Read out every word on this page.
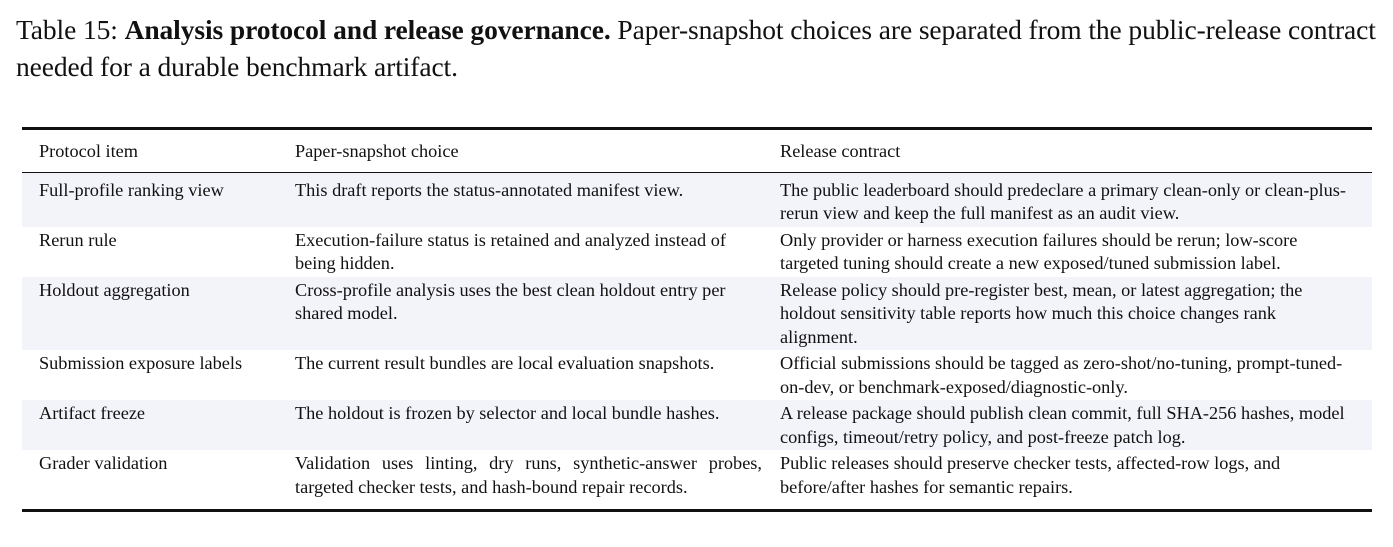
Table 15: Analysis protocol and release governance. Paper-snapshot choices are separated from the public-release contract needed for a durable benchmark artifact.
Protocol item	Paper-snapshot choice	Release contract
Full-profile ranking view	This draft reports the status-annotated manifest view.	The public leaderboard should predeclare a primary clean-only or clean-plus-rerun view and keep the full manifest as an audit view.
Rerun rule	Execution-failure status is retained and analyzed instead of being hidden.	Only provider or harness execution failures should be rerun; low-score targeted tuning should create a new exposed/tuned submission label.
Holdout aggregation	Cross-profile analysis uses the best clean holdout entry per shared model.	Release policy should pre-register best, mean, or latest aggregation; the holdout sensitivity table reports how much this choice changes rank alignment.
Submission exposure labels	The current result bundles are local evaluation snapshots.	Official submissions should be tagged as zero-shot/no-tuning, prompt-tuned-on-dev, or benchmark-exposed/diagnostic-only.
Artifact freeze	The holdout is frozen by selector and local bundle hashes.	A release package should publish clean commit, full SHA-256 hashes, model configs, timeout/retry policy, and post-freeze patch log.
Grader validation	Validation uses linting, dry runs, synthetic-answer probes, targeted checker tests, and hash-bound repair records.	Public releases should preserve checker tests, affected-row logs, and before/after hashes for semantic repairs.
